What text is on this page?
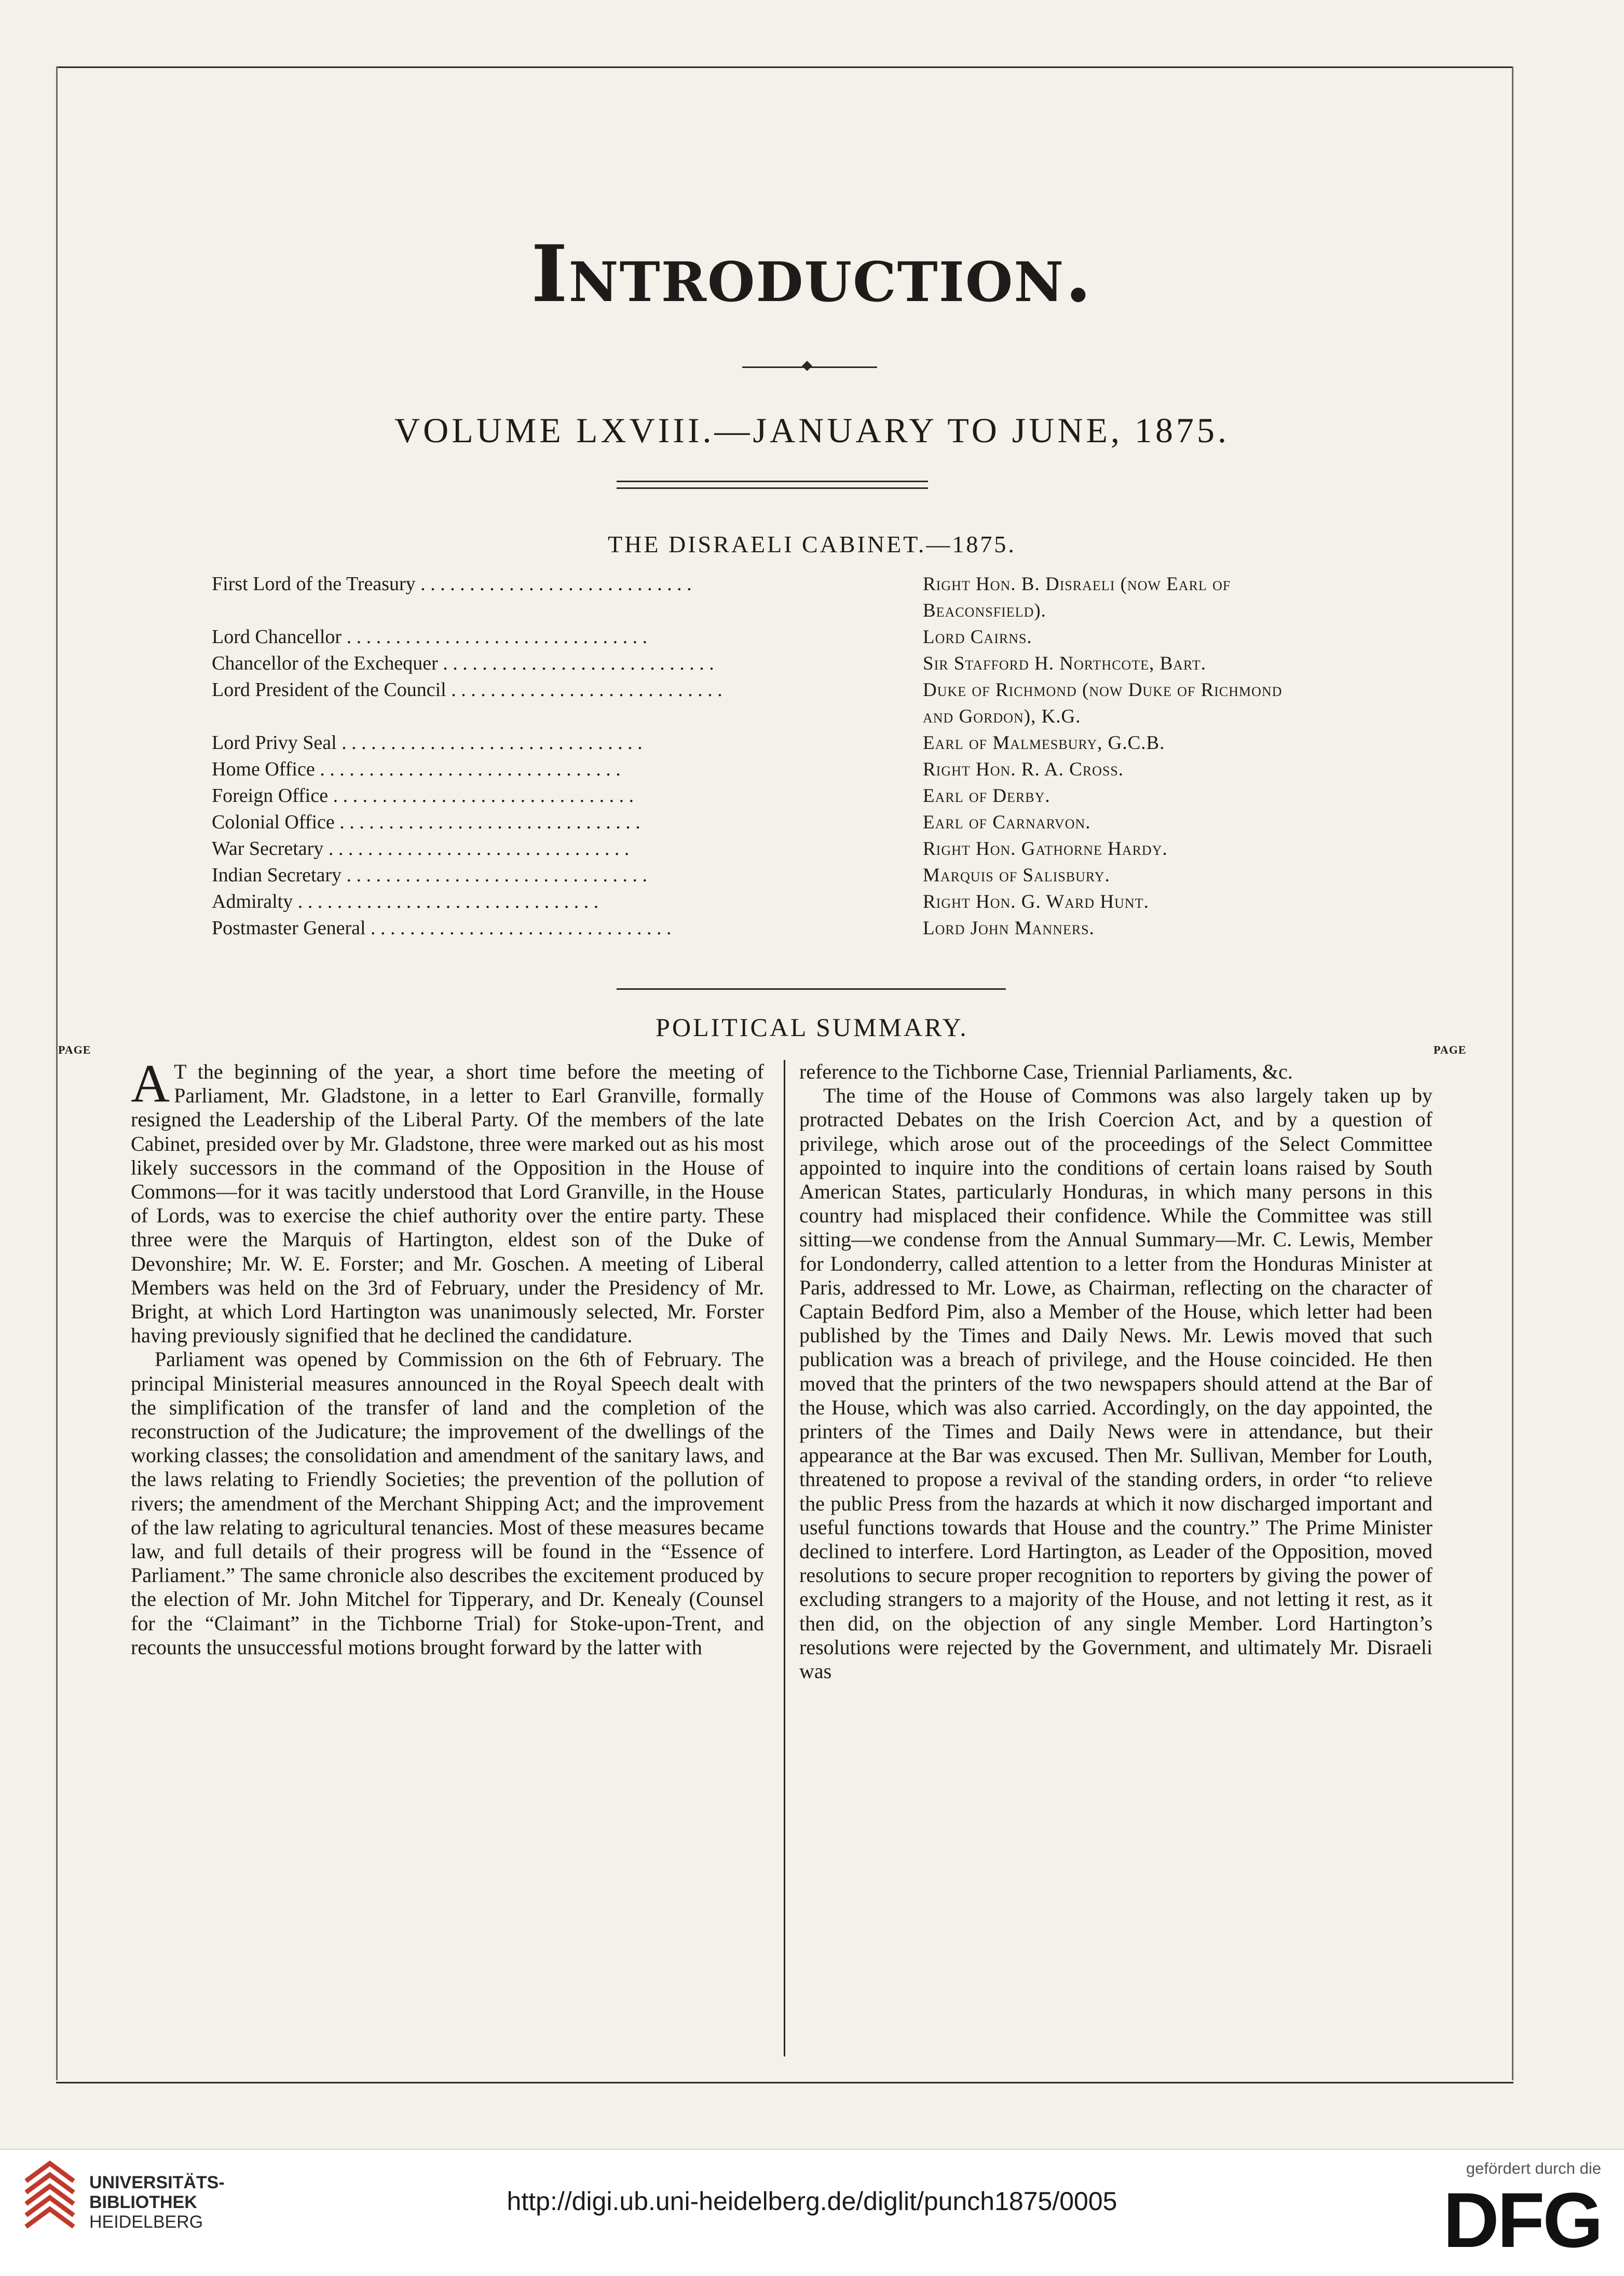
Introduction.
VOLUME LXVIII.—JANUARY TO JUNE, 1875.
THE DISRAELI CABINET.—1875.
First Lord of the Treasury . . . . . . . . . . . . . . . . . . . . . . . . . . . .	Right Hon. B. Disraeli (now Earl of Beaconsfield).
Lord Chancellor . . . . . . . . . . . . . . . . . . . . . . . . . . . . . . .	Lord Cairns.
Chancellor of the Exchequer . . . . . . . . . . . . . . . . . . . . . . . . . . . .	Sir Stafford H. Northcote, Bart.
Lord President of the Council . . . . . . . . . . . . . . . . . . . . . . . . . . . .	Duke of Richmond (now Duke of Richmond and Gordon), K.G.
Lord Privy Seal . . . . . . . . . . . . . . . . . . . . . . . . . . . . . . .	Earl of Malmesbury, G.C.B.
Home Office . . . . . . . . . . . . . . . . . . . . . . . . . . . . . . .	Right Hon. R. A. Cross.
Foreign Office . . . . . . . . . . . . . . . . . . . . . . . . . . . . . . .	Earl of Derby.
Colonial Office . . . . . . . . . . . . . . . . . . . . . . . . . . . . . . .	Earl of Carnarvon.
War Secretary . . . . . . . . . . . . . . . . . . . . . . . . . . . . . . .	Right Hon. Gathorne Hardy.
Indian Secretary . . . . . . . . . . . . . . . . . . . . . . . . . . . . . . .	Marquis of Salisbury.
Admiralty . . . . . . . . . . . . . . . . . . . . . . . . . . . . . . .	Right Hon. G. Ward Hunt.
Postmaster General . . . . . . . . . . . . . . . . . . . . . . . . . . . . . . .	Lord John Manners.
POLITICAL SUMMARY.
PAGE	PAGE

A T the beginning of the year, a short time before the meeting of Parliament, Mr. Gladstone, in a letter to Earl Granville, formally resigned the Leadership of the Liberal Party. Of the members of the late Cabinet, presided over by Mr. Gladstone, three were marked out as his most likely successors in the command of the Opposition in the House of Commons—for it was tacitly understood that Lord Granville, in the House of Lords, was to exercise the chief authority over the entire party. These three were the Marquis of Hartington, eldest son of the Duke of Devonshire; Mr. W. E. Forster; and Mr. Goschen. A meeting of Liberal Members was held on the 3rd of February, under the Presidency of Mr. Bright, at which Lord Hartington was unanimously selected, Mr. Forster having previously signified that he declined the candidature.

Parliament was opened by Commission on the 6th of February. The principal Ministerial measures announced in the Royal Speech dealt with the simplification of the transfer of land and the completion of the reconstruction of the Judicature; the improvement of the dwellings of the working classes; the consolidation and amendment of the sanitary laws, and the laws relating to Friendly Societies; the prevention of the pollution of rivers; the amendment of the Merchant Shipping Act; and the improvement of the law relating to agricultural tenancies. Most of these measures became law, and full details of their progress will be found in the “Essence of Parliament.” The same chronicle also describes the excitement produced by the election of Mr. John Mitchel for Tipperary, and Dr. Kenealy (Counsel for the “Claimant” in the Tichborne Trial) for Stoke-upon-Trent, and recounts the unsuccessful motions brought forward by the latter with

reference to the Tichborne Case, Triennial Parliaments, &c.

The time of the House of Commons was also largely taken up by protracted Debates on the Irish Coercion Act, and by a question of privilege, which arose out of the proceedings of the Select Committee appointed to inquire into the conditions of certain loans raised by South American States, particularly Honduras, in which many persons in this country had misplaced their confidence. While the Committee was still sitting—we condense from the Annual Summary—Mr. C. Lewis, Member for Londonderry, called attention to a letter from the Honduras Minister at Paris, addressed to Mr. Lowe, as Chairman, reflecting on the character of Captain Bedford Pim, also a Member of the House, which letter had been published by the Times and Daily News. Mr. Lewis moved that such publication was a breach of privilege, and the House coincided. He then moved that the printers of the two newspapers should attend at the Bar of the House, which was also carried. Accordingly, on the day appointed, the printers of the Times and Daily News were in attendance, but their appearance at the Bar was excused. Then Mr. Sullivan, Member for Louth, threatened to propose a revival of the standing orders, in order “to relieve the public Press from the hazards at which it now discharged important and useful functions towards that House and the country.” The Prime Minister declined to interfere. Lord Hartington, as Leader of the Opposition, moved resolutions to secure proper recognition to reporters by giving the power of excluding strangers to a majority of the House, and not letting it rest, as it then did, on the objection of any single Member. Lord Hartington’s resolutions were rejected by the Government, and ultimately Mr. Disraeli was

UNIVERSITÄTS-
BIBLIOTHEK
HEIDELBERG
http://digi.ub.uni-heidelberg.de/diglit/punch1875/0005
gefördert durch die
DFG
